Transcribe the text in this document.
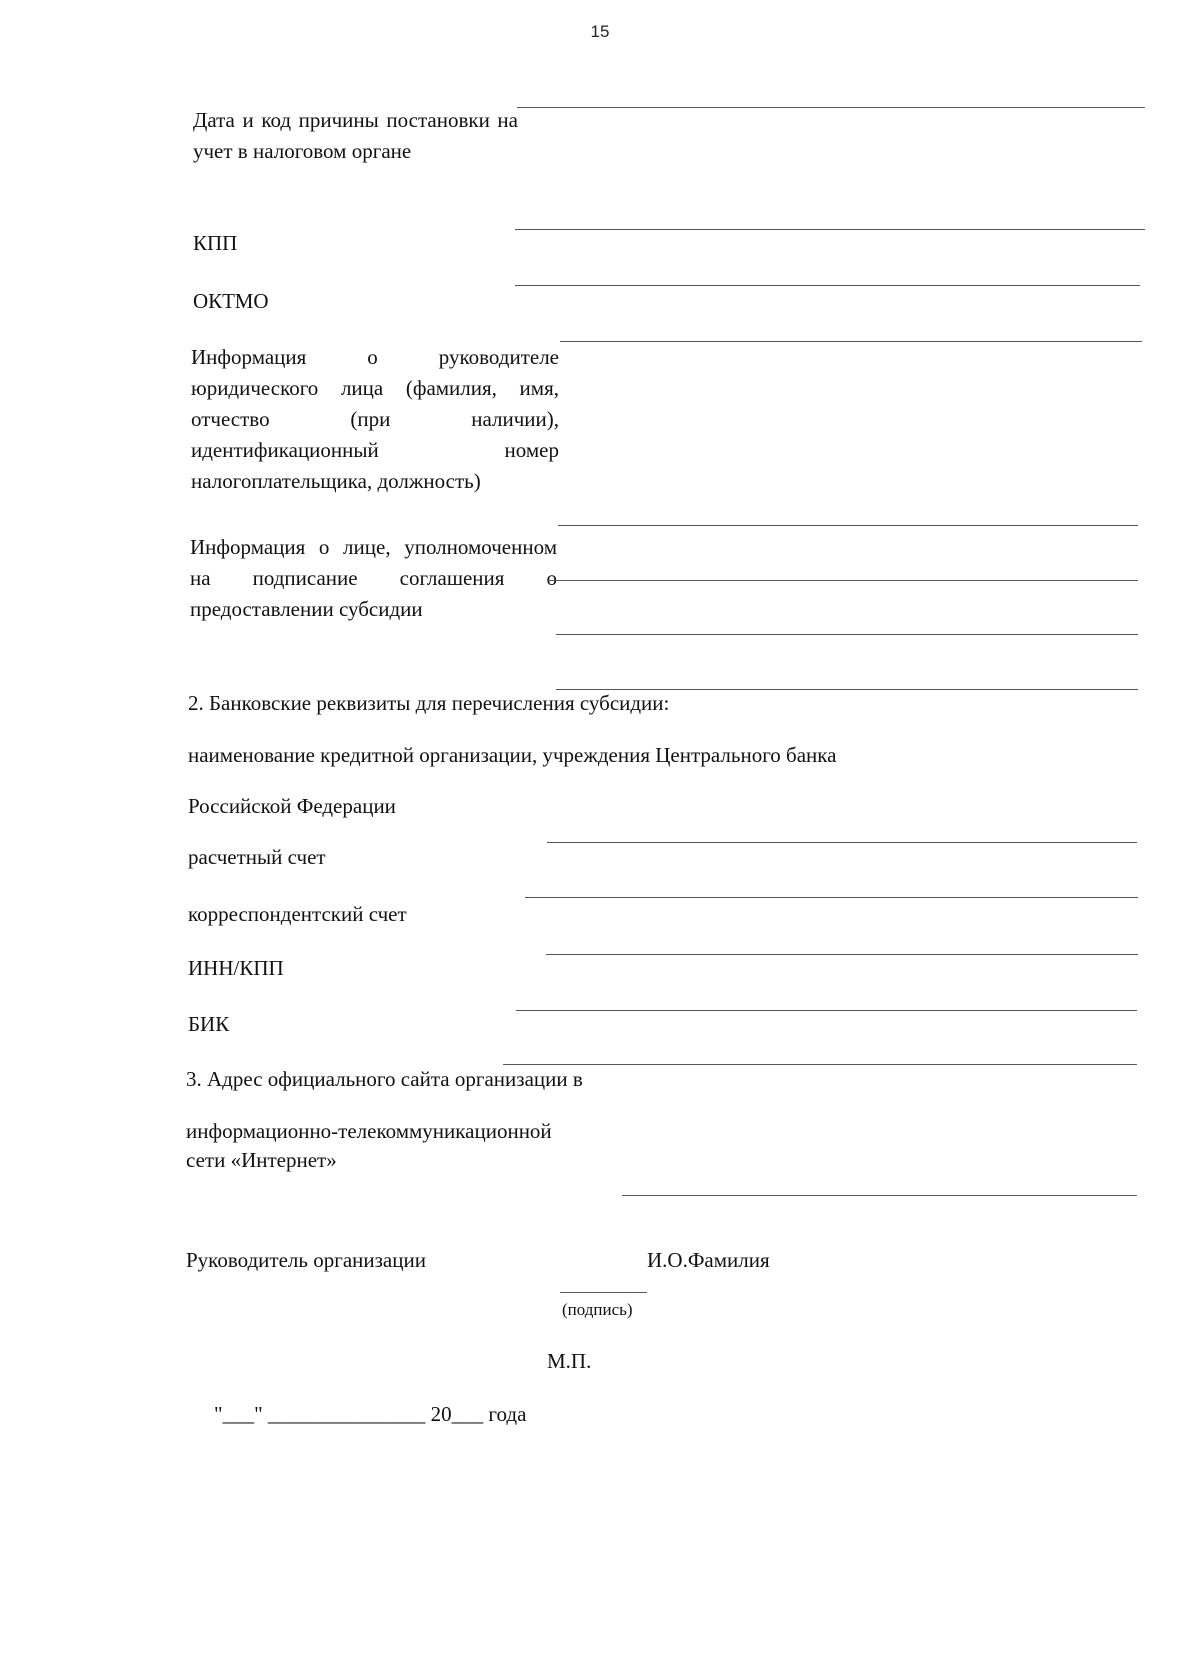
15
Дата и код причины постановки на учет в налоговом органе
КПП
ОКТМО
Информация о руководителе юридического лица (фамилия, имя, отчество (при наличии), идентификационный номер налогоплательщика, должность)
Информация о лице, уполномоченном на подписание соглашения о предоставлении субсидии
2. Банковские реквизиты для перечисления субсидии:
наименование кредитной организации, учреждения Центрального банка
Российской Федерации
расчетный счет
корреспондентский счет
ИНН/КПП
БИК
3. Адрес официального сайта организации в
информационно-телекоммуникационной
сети «Интернет»
Руководитель организации	И.О.Фамилия
(подпись)
М.П.
"___" _______________ 20___ года
